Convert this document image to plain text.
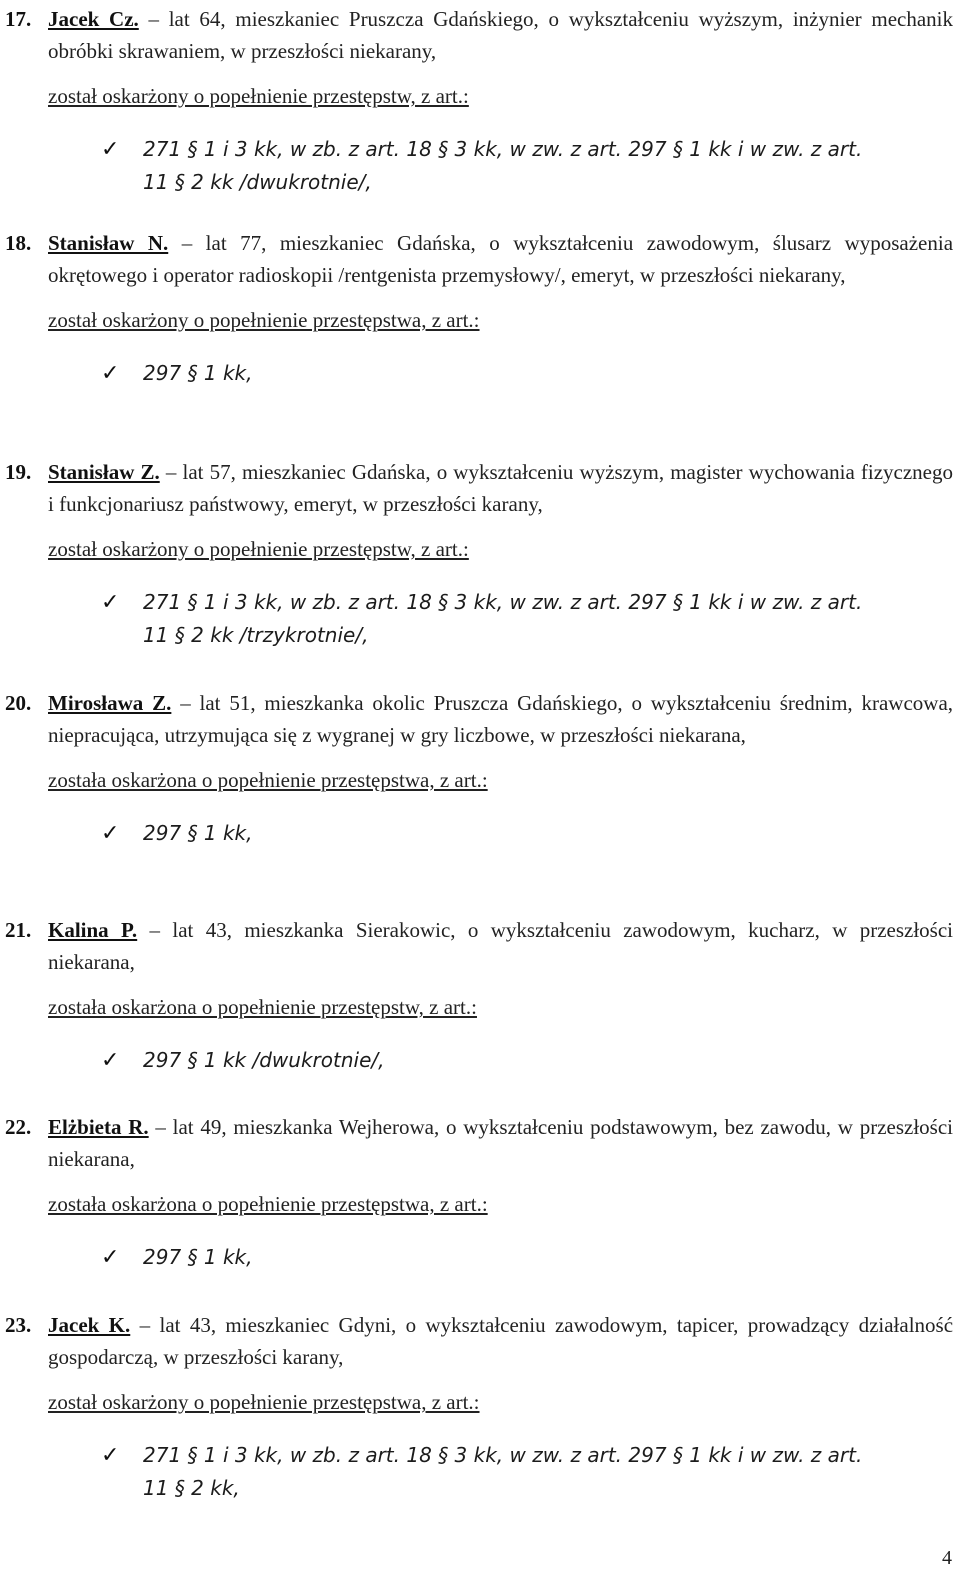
17. Jacek Cz. – lat 64, mieszkaniec Pruszcza Gdańskiego, o wykształceniu wyższym, inżynier mechanik obróbki skrawaniem, w przeszłości niekarany,

został oskarżony o popełnienie przestępstw, z art.:
✓ 271 § 1 i 3 kk, w zb. z art. 18 § 3 kk, w zw. z art. 297 § 1 kk i w zw. z art. 11 § 2 kk /dwukrotnie/,

18. Stanisław N. – lat 77, mieszkaniec Gdańska, o wykształceniu zawodowym, ślusarz wyposażenia okrętowego i operator radioskopii /rentgenista przemysłowy/, emeryt, w przeszłości niekarany,

został oskarżony o popełnienie przestępstwa, z art.:
✓ 297 § 1 kk,

19. Stanisław Z. – lat 57, mieszkaniec Gdańska, o wykształceniu wyższym, magister wychowania fizycznego i funkcjonariusz państwowy, emeryt, w przeszłości karany,

został oskarżony o popełnienie przestępstw, z art.:
✓ 271 § 1 i 3 kk, w zb. z art. 18 § 3 kk, w zw. z art. 297 § 1 kk i w zw. z art. 11 § 2 kk /trzykrotnie/,

20. Mirosława Z. – lat 51, mieszkanka okolic Pruszcza Gdańskiego, o wykształceniu średnim, krawcowa, niepracująca, utrzymująca się z wygranej w gry liczbowe, w przeszłości niekarana,

została oskarżona o popełnienie przestępstwa, z art.:
✓ 297 § 1 kk,

21. Kalina P. – lat 43, mieszkanka Sierakowic, o wykształceniu zawodowym, kucharz, w przeszłości niekarana,

została oskarżona o popełnienie przestępstw, z art.:
✓ 297 § 1 kk /dwukrotnie/,

22. Elżbieta R. – lat 49, mieszkanka Wejherowa, o wykształceniu podstawowym, bez zawodu, w przeszłości niekarana,

została oskarżona o popełnienie przestępstwa, z art.:
✓ 297 § 1 kk,

23. Jacek K. – lat 43, mieszkaniec Gdyni, o wykształceniu zawodowym, tapicer, prowadzący działalność gospodarczą, w przeszłości karany,

został oskarżony o popełnienie przestępstwa, z art.:
✓ 271 § 1 i 3 kk, w zb. z art. 18 § 3 kk, w zw. z art. 297 § 1 kk i w zw. z art. 11 § 2 kk,
4
